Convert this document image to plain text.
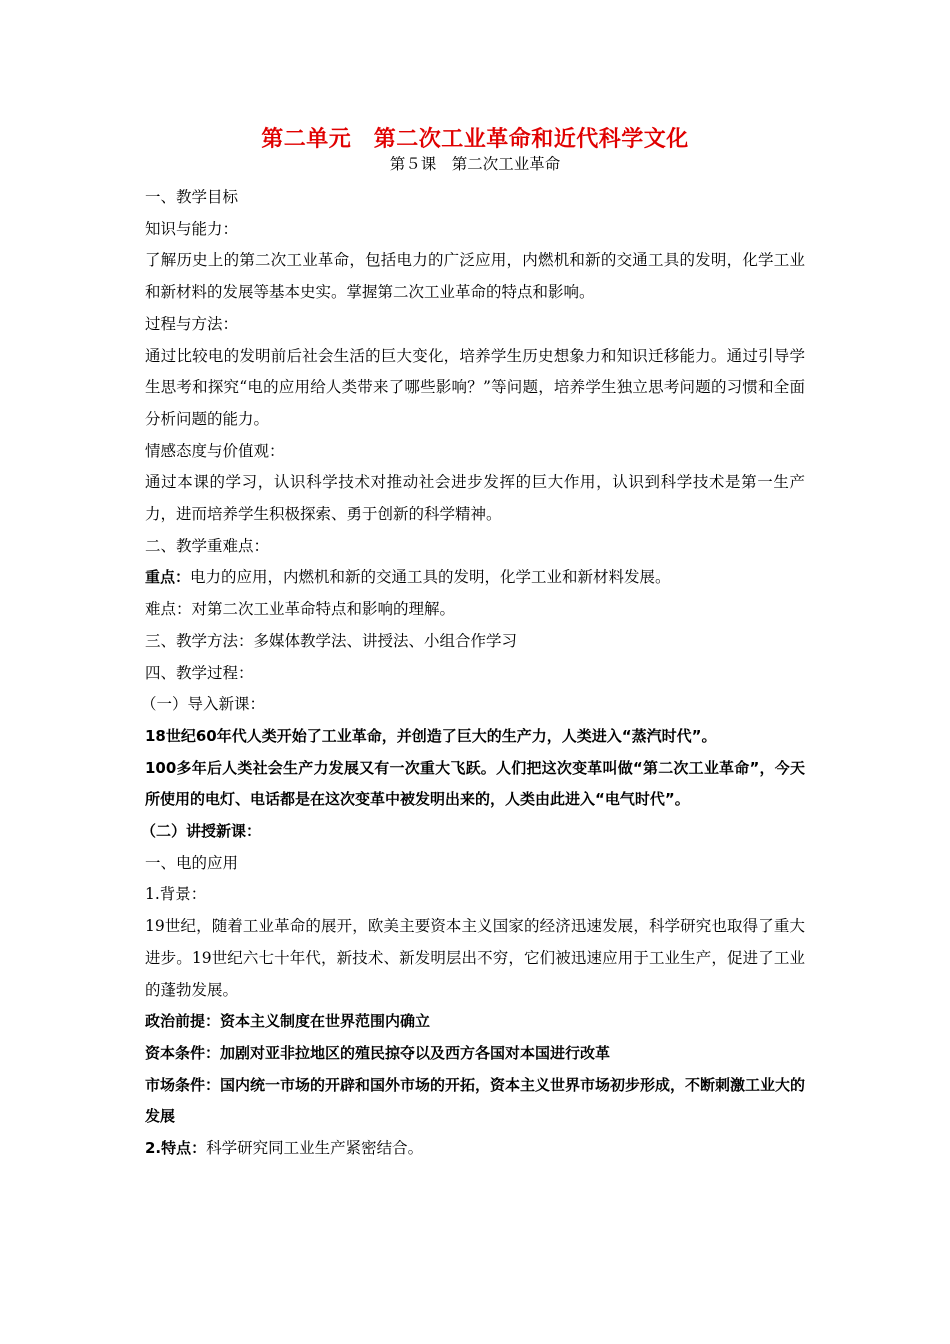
第二单元　第二次工业革命和近代科学文化
第５课　第二次工业革命

一、教学目标

知识与能力：

了解历史上的第二次工业革命，包括电力的广泛应用，内燃机和新的交通工具的发明，化学工业和新材料的发展等基本史实。掌握第二次工业革命的特点和影响。

过程与方法：

通过比较电的发明前后社会生活的巨大变化，培养学生历史想象力和知识迁移能力。通过引导学生思考和探究“电的应用给人类带来了哪些影响？”等问题，培养学生独立思考问题的习惯和全面分析问题的能力。

情感态度与价值观：

通过本课的学习，认识科学技术对推动社会进步发挥的巨大作用，认识到科学技术是第一生产力，进而培养学生积极探索、勇于创新的科学精神。

二、教学重难点：

重点：电力的应用，内燃机和新的交通工具的发明，化学工业和新材料发展。

难点：对第二次工业革命特点和影响的理解。

三、教学方法：多媒体教学法、讲授法、小组合作学习

四、教学过程：

（一）导入新课：

18世纪60年代人类开始了工业革命，并创造了巨大的生产力，人类进入“蒸汽时代”。

100多年后人类社会生产力发展又有一次重大飞跃。人们把这次变革叫做“第二次工业革命”，今天所使用的电灯、电话都是在这次变革中被发明出来的，人类由此进入“电气时代”。

（二）讲授新课：

一、电的应用

1.背景：

19世纪，随着工业革命的展开，欧美主要资本主义国家的经济迅速发展，科学研究也取得了重大进步。19世纪六七十年代，新技术、新发明层出不穷，它们被迅速应用于工业生产，促进了工业的蓬勃发展。

政治前提：资本主义制度在世界范围内确立

资本条件：加剧对亚非拉地区的殖民掠夺以及西方各国对本国进行改革

市场条件：国内统一市场的开辟和国外市场的开拓，资本主义世界市场初步形成，不断刺激工业大的发展

2.特点：科学研究同工业生产紧密结合。
